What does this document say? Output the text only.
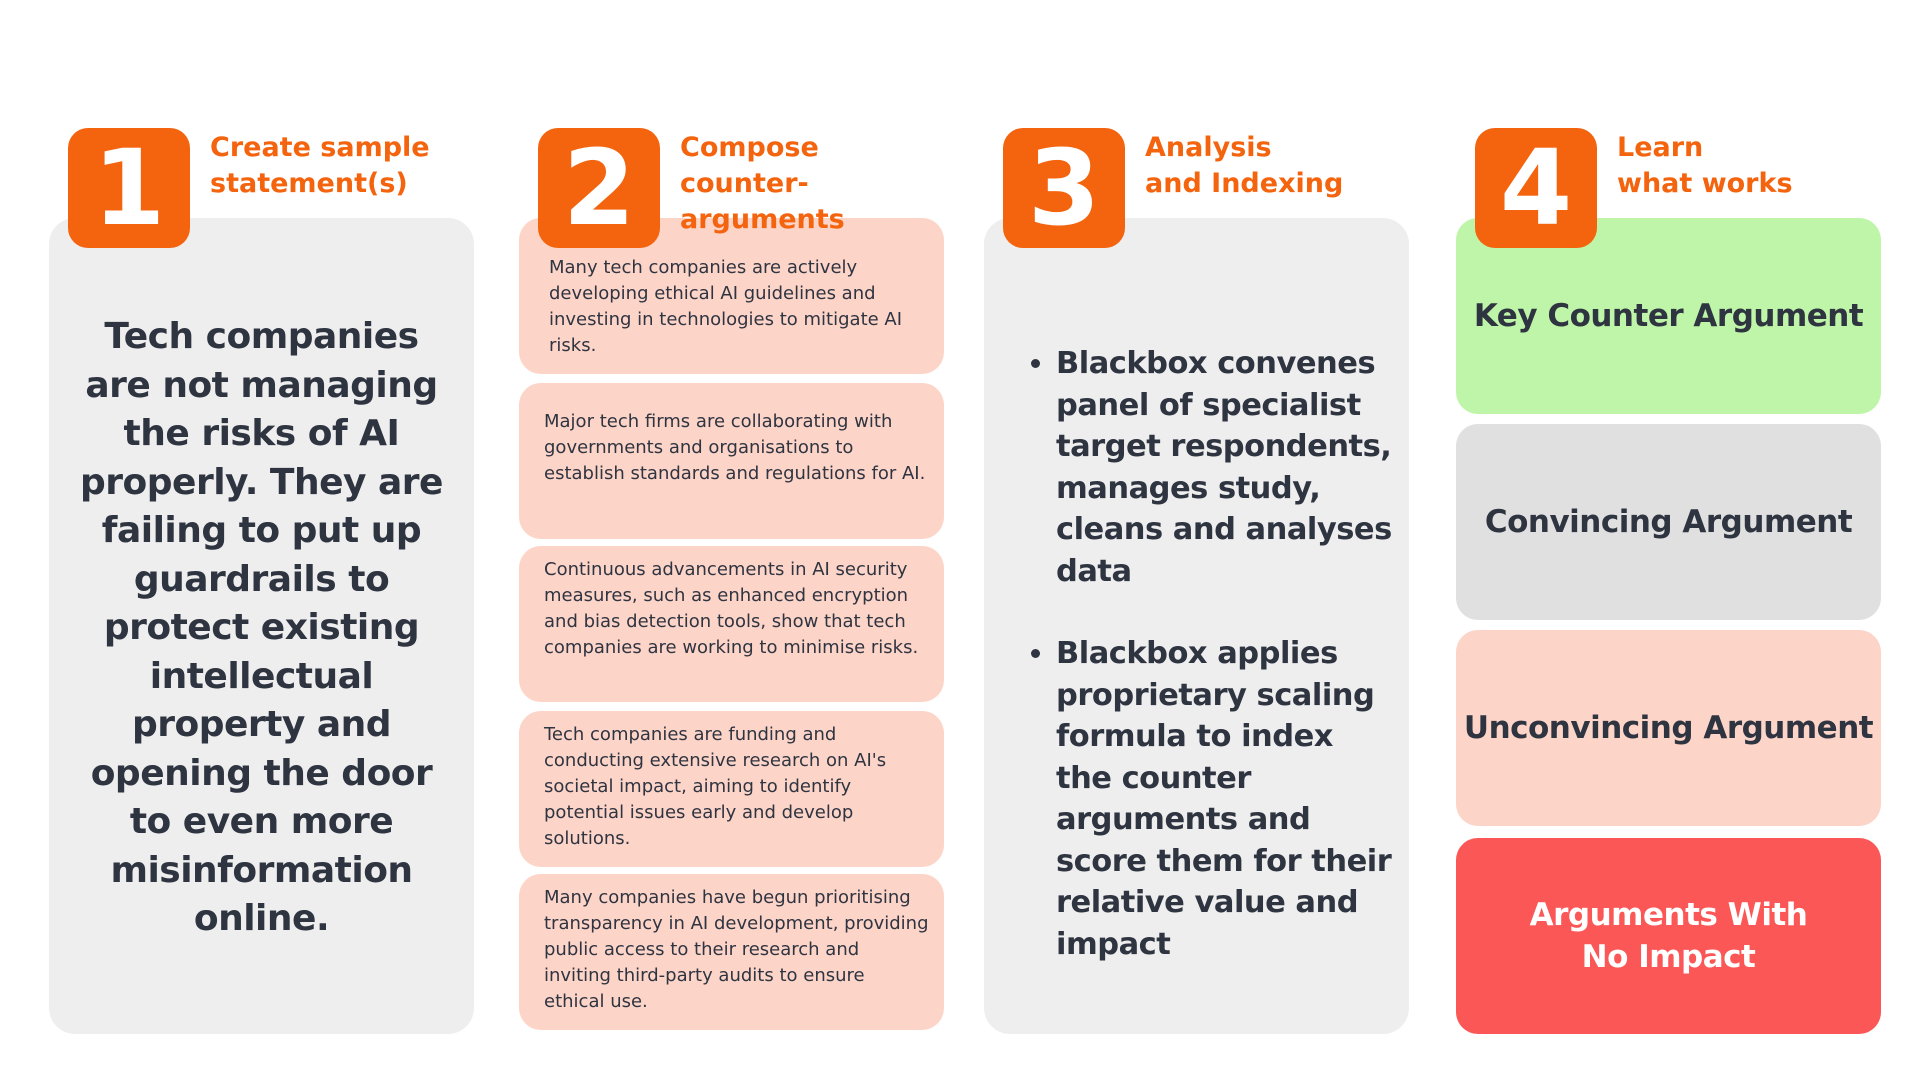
Tech companies are not managing the risks of AI properly. They are failing to put up guardrails to protect existing intellectual property and opening the door to even more misinformation online.
1	Create sample
statement(s)
Many tech companies are actively developing ethical AI guidelines and investing in technologies to mitigate AI risks.
Major tech firms are collaborating with governments and organisations to establish standards and regulations for AI.
Continuous advancements in AI security measures, such as enhanced encryption and bias detection tools, show that tech companies are working to minimise risks.
Tech companies are funding and conducting extensive research on AI's societal impact, aiming to identify potential issues early and develop solutions.
Many companies have begun prioritising transparency in AI development, providing public access to their research and inviting third-party audits to ensure ethical use.
2	Compose counter-
arguments
• Blackbox convenes panel of specialist target respondents, manages study, cleans and analyses data
• Blackbox applies proprietary scaling formula to index the counter arguments and score them for their relative value and impact
3	Analysis
and Indexing
Key Counter Argument
Convincing Argument
Unconvincing Argument
Arguments With
No Impact
4	Learn
what works
